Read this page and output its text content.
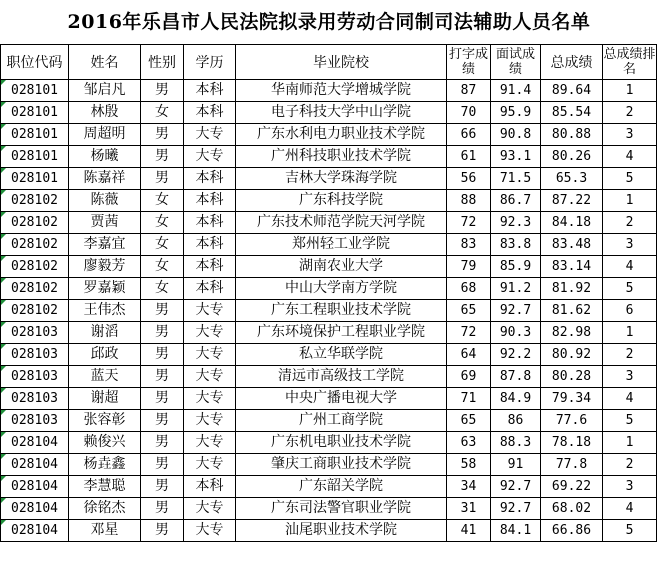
2016年乐昌市人民法院拟录用劳动合同制司法辅助人员名单
职位代码	姓名	性别	学历	毕业院校	打字成绩	面试成绩	总成绩	总成绩排名
028101	邹启凡	男	本科	华南师范大学增城学院	87	91.4	89.64	1
028101	林殷	女	本科	电子科技大学中山学院	70	95.9	85.54	2
028101	周超明	男	大专	广东水利电力职业技术学院	66	90.8	80.88	3
028101	杨曦	男	大专	广州科技职业技术学院	61	93.1	80.26	4
028101	陈嘉祥	男	本科	吉林大学珠海学院	56	71.5	65.3	5
028102	陈薇	女	本科	广东科技学院	88	86.7	87.22	1
028102	贾茜	女	本科	广东技术师范学院天河学院	72	92.3	84.18	2
028102	李嘉宜	女	本科	郑州轻工业学院	83	83.8	83.48	3
028102	廖毅芳	女	本科	湖南农业大学	79	85.9	83.14	4
028102	罗嘉颖	女	本科	中山大学南方学院	68	91.2	81.92	5
028102	王伟杰	男	大专	广东工程职业技术学院	65	92.7	81.62	6
028103	谢滔	男	大专	广东环境保护工程职业学院	72	90.3	82.98	1
028103	邱政	男	大专	私立华联学院	64	92.2	80.92	2
028103	蓝天	男	大专	清远市高级技工学院	69	87.8	80.28	3
028103	谢超	男	大专	中央广播电视大学	71	84.9	79.34	4
028103	张容彰	男	大专	广州工商学院	65	86	77.6	5
028104	赖俊兴	男	大专	广东机电职业技术学院	63	88.3	78.18	1
028104	杨垚鑫	男	大专	肇庆工商职业技术学院	58	91	77.8	2
028104	李慧聪	男	本科	广东韶关学院	34	92.7	69.22	3
028104	徐铭杰	男	大专	广东司法警官职业学院	31	92.7	68.02	4
028104	邓星	男	大专	汕尾职业技术学院	41	84.1	66.86	5
